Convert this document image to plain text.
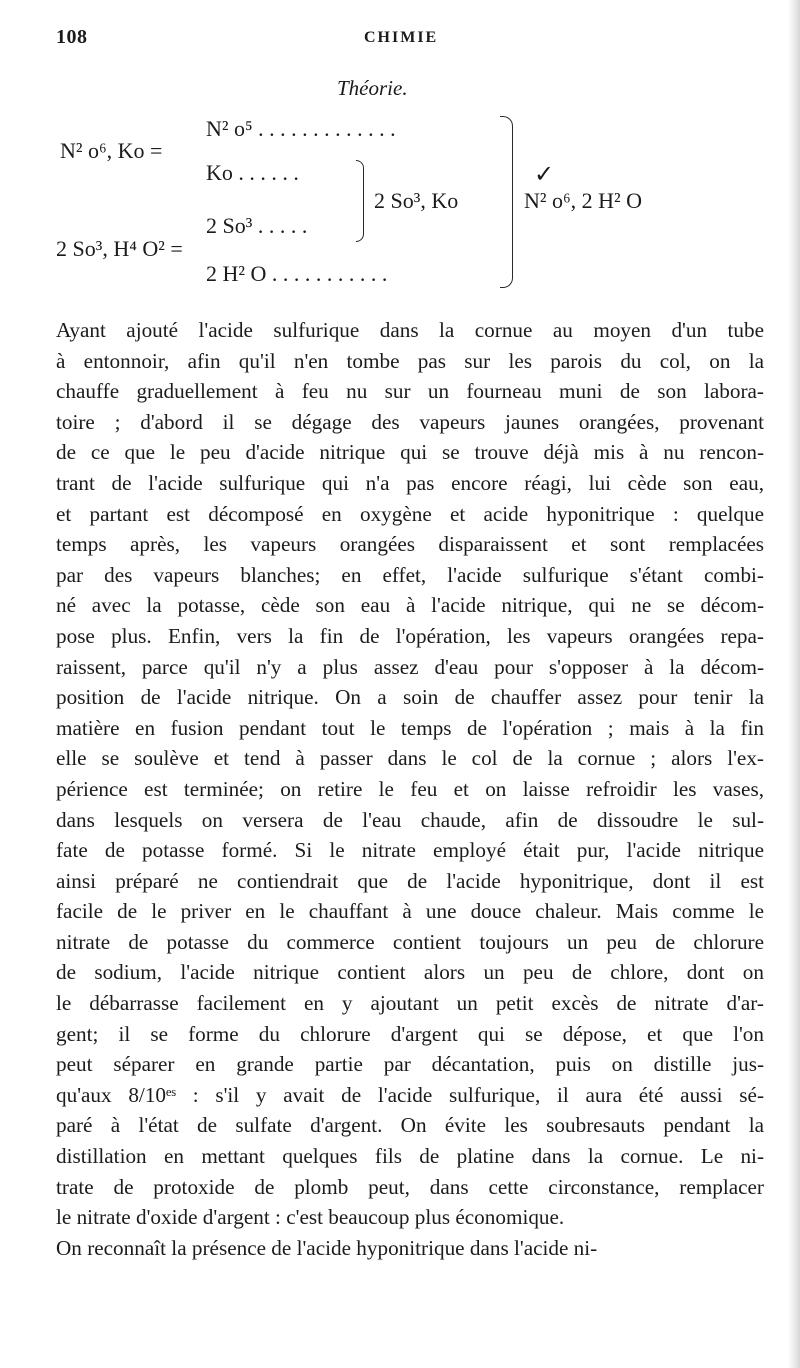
108	CHIMIE
Théorie.
N² o⁵ . . . . . . . . . . . . .
N² o⁶, Ko =
Ko . . . . . .
2 So³ . . . . .
2 So³, H⁴ O² =
2 H² O . . . . . . . . . . .
2 So³, Ko
✓
N² o⁶, 2 H² O
Ayant ajouté l'acide sulfurique dans la cornue au moyen d'un tube
à entonnoir, afin qu'il n'en tombe pas sur les parois du col, on la
chauffe graduellement à feu nu sur un fourneau muni de son labora-
toire ; d'abord il se dégage des vapeurs jaunes orangées, provenant
de ce que le peu d'acide nitrique qui se trouve déjà mis à nu rencon-
trant de l'acide sulfurique qui n'a pas encore réagi, lui cède son eau,
et partant est décomposé en oxygène et acide hyponitrique : quelque
temps après, les vapeurs orangées disparaissent et sont remplacées
par des vapeurs blanches; en effet, l'acide sulfurique s'étant combi-
né avec la potasse, cède son eau à l'acide nitrique, qui ne se décom-
pose plus. Enfin, vers la fin de l'opération, les vapeurs orangées repa-
raissent, parce qu'il n'y a plus assez d'eau pour s'opposer à la décom-
position de l'acide nitrique. On a soin de chauffer assez pour tenir la
matière en fusion pendant tout le temps de l'opération ; mais à la fin
elle se soulève et tend à passer dans le col de la cornue ; alors l'ex-
périence est terminée; on retire le feu et on laisse refroidir les vases,
dans lesquels on versera de l'eau chaude, afin de dissoudre le sul-
fate de potasse formé. Si le nitrate employé était pur, l'acide nitrique
ainsi préparé ne contiendrait que de l'acide hyponitrique, dont il est
facile de le priver en le chauffant à une douce chaleur. Mais comme le
nitrate de potasse du commerce contient toujours un peu de chlorure
de sodium, l'acide nitrique contient alors un peu de chlore, dont on
le débarrasse facilement en y ajoutant un petit excès de nitrate d'ar-
gent; il se forme du chlorure d'argent qui se dépose, et que l'on
peut séparer en grande partie par décantation, puis on distille jus-
qu'aux 8/10ᵉˢ : s'il y avait de l'acide sulfurique, il aura été aussi sé-
paré à l'état de sulfate d'argent. On évite les soubresauts pendant la
distillation en mettant quelques fils de platine dans la cornue. Le ni-
trate de protoxide de plomb peut, dans cette circonstance, remplacer
le nitrate d'oxide d'argent : c'est beaucoup plus économique.
On reconnaît la présence de l'acide hyponitrique dans l'acide ni-
